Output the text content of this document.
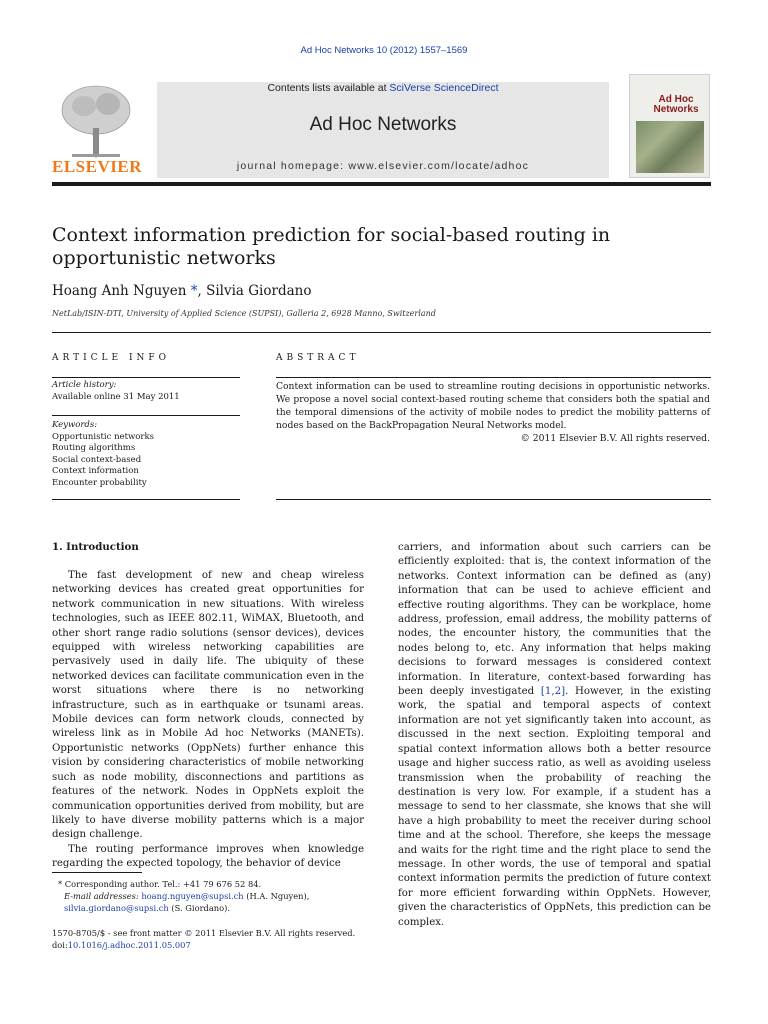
Ad Hoc Networks 10 (2012) 1557–1569
ELSEVIER
Contents lists available at SciVerse ScienceDirect
Ad Hoc Networks
journal homepage: www.elsevier.com/locate/adhoc
Ad Hoc Networks
Context information prediction for social-based routing in opportunistic networks
Hoang Anh Nguyen *, Silvia Giordano
NetLab/ISIN-DTI, University of Applied Science (SUPSI), Galleria 2, 6928 Manno, Switzerland
ARTICLE INFO
Article history:
Available online 31 May 2011
Keywords:
Opportunistic networks
Routing algorithms
Social context-based
Context information
Encounter probability
ABSTRACT
Context information can be used to streamline routing decisions in opportunistic networks. We propose a novel social context-based routing scheme that considers both the spatial and the temporal dimensions of the activity of mobile nodes to predict the mobility patterns of nodes based on the BackPropagation Neural Networks model.
© 2011 Elsevier B.V. All rights reserved.
1. Introduction

The fast development of new and cheap wireless networking devices has created great opportunities for network communication in new situations. With wireless technologies, such as IEEE 802.11, WiMAX, Bluetooth, and other short range radio solutions (sensor devices), devices equipped with wireless networking capabilities are pervasively used in daily life. The ubiquity of these networked devices can facilitate communication even in the worst situations where there is no networking infrastructure, such as in earthquake or tsunami areas. Mobile devices can form network clouds, connected by wireless link as in Mobile Ad hoc Networks (MANETs). Opportunistic networks (OppNets) further enhance this vision by considering characteristics of mobile networking such as node mobility, disconnections and partitions as features of the network. Nodes in OppNets exploit the communication opportunities derived from mobility, but are likely to have diverse mobility patterns which is a major design challenge.

The routing performance improves when knowledge regarding the expected topology, the behavior of device

* Corresponding author. Tel.: +41 79 676 52 84.
E-mail addresses: hoang.nguyen@supsi.ch (H.A. Nguyen), silvia.giordano@supsi.ch (S. Giordano).
1570-8705/$ - see front matter © 2011 Elsevier B.V. All rights reserved.
doi:10.1016/j.adhoc.2011.05.007

carriers, and information about such carriers can be efficiently exploited: that is, the context information of the networks. Context information can be defined as (any) information that can be used to achieve efficient and effective routing algorithms. They can be workplace, home address, profession, email address, the mobility patterns of nodes, the encounter history, the communities that the nodes belong to, etc. Any information that helps making decisions to forward messages is considered context information. In literature, context-based forwarding has been deeply investigated [1,2]. However, in the existing work, the spatial and temporal aspects of context information are not yet significantly taken into account, as discussed in the next section. Exploiting temporal and spatial context information allows both a better resource usage and higher success ratio, as well as avoiding useless transmission when the probability of reaching the destination is very low. For example, if a student has a message to send to her classmate, she knows that she will have a high probability to meet the receiver during school time and at the school. Therefore, she keeps the message and waits for the right time and the right place to send the message. In other words, the use of temporal and spatial context information permits the prediction of future context for more efficient forwarding within OppNets. However, given the characteristics of OppNets, this prediction can be complex.
